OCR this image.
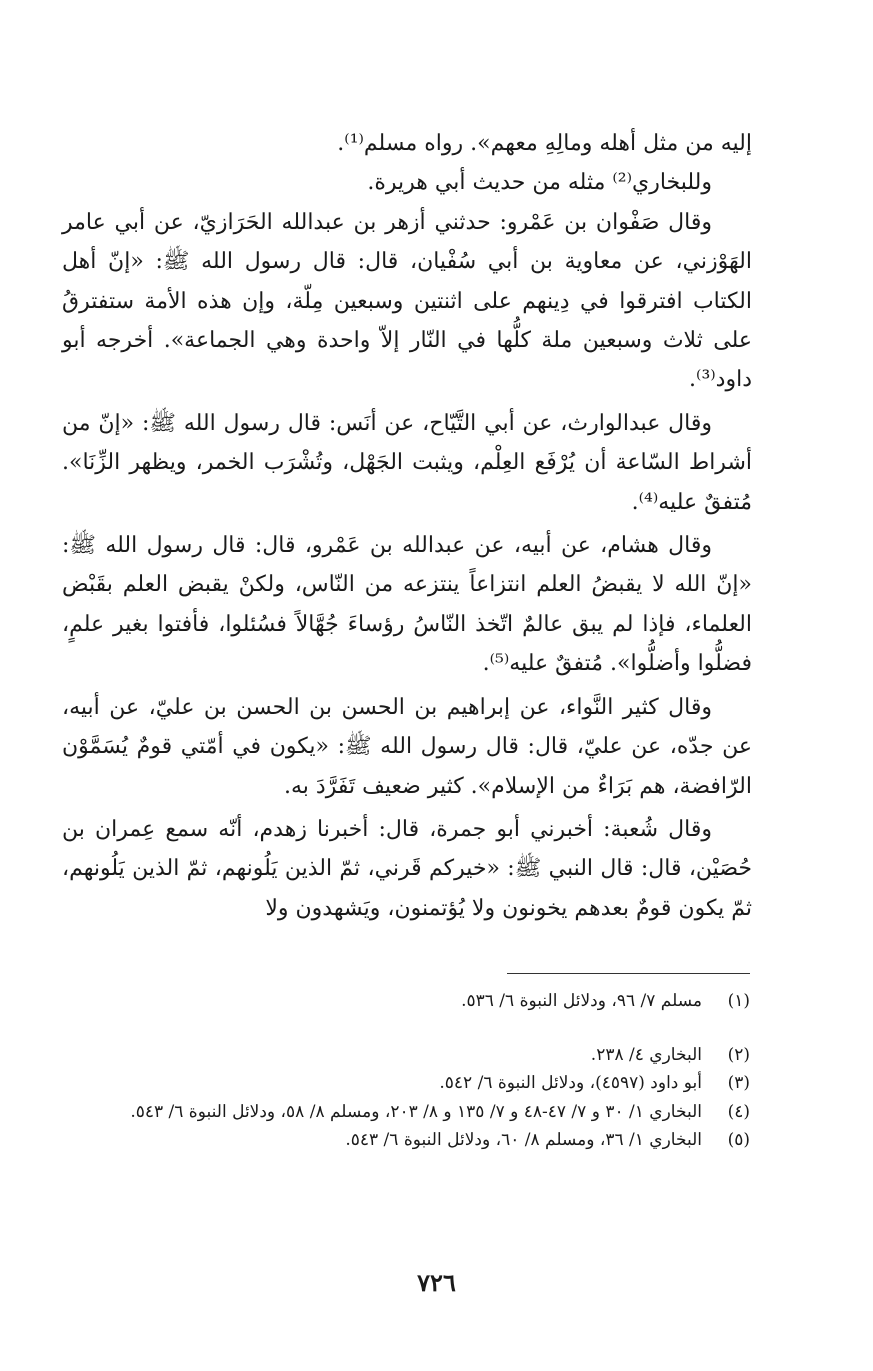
إليه من مثل أهله ومالِهِ معهم». رواه مسلم⁽¹⁾.

وللبخاري⁽²⁾ مثله من حديث أبي هريرة.

وقال صَفْوان بن عَمْرو: حدثني أزهر بن عبدالله الحَرَازيّ، عن أبي عامر الهَوْزني، عن معاوية بن أبي سُفْيان، قال: قال رسول الله ﷺ: «إنّ أهل الكتاب افترقوا في دِينهم على اثنتين وسبعين مِلّة، وإن هذه الأمة ستفترقُ على ثلاث وسبعين ملة كلُّها في النّار إلاّ واحدة وهي الجماعة». أخرجه أبو داود⁽³⁾.

وقال عبدالوارث، عن أبي التَّيّاح، عن أنَس: قال رسول الله ﷺ: «إنّ من أشراط السّاعة أن يُرْفَع العِلْم، ويثبت الجَهْل، وتُشْرَب الخمر، ويظهر الزِّنَا». مُتفقٌ عليه⁽⁴⁾.

وقال هشام، عن أبيه، عن عبدالله بن عَمْرو، قال: قال رسول الله ﷺ: «إنّ الله لا يقبضُ العلم انتزاعاً ينتزعه من النّاس، ولكنْ يقبض العلم بقَبْض العلماء، فإذا لم يبق عالمٌ اتّخذ النّاسُ رؤساءَ جُهَّالاً فسُئلوا، فأفتوا بغير علمٍ، فضلُّوا وأضلُّوا». مُتفقٌ عليه⁽⁵⁾.

وقال كثير النَّواء، عن إبراهيم بن الحسن بن الحسن بن عليّ، عن أبيه، عن جدّه، عن عليّ، قال: قال رسول الله ﷺ: «يكون في أمّتي قومٌ يُسَمَّوْن الرّافضة، هم بَرَاءٌ من الإسلام». كثير ضعيف تَفَرَّدَ به.

وقال شُعبة: أخبرني أبو جمرة، قال: أخبرنا زهدم، أنّه سمع عِمران بن حُصَيْن، قال: قال النبي ﷺ: «خيركم قَرني، ثمّ الذين يَلُونهم، ثمّ الذين يَلُونهم، ثمّ يكون قومٌ بعدهم يخونون ولا يُؤتمنون، ويَشهدون ولا

(١)
مسلم ٧/ ٩٦، ودلائل النبوة ٦/ ٥٣٦.
(٢)
البخاري ٤/ ٢٣٨.
(٣)
أبو داود (٤٥٩٧)، ودلائل النبوة ٦/ ٥٤٢.
(٤)
البخاري ١/ ٣٠ و ٧/ ٤٧-٤٨ و ٧/ ١٣٥ و ٨/ ٢٠٣، ومسلم ٨/ ٥٨، ودلائل النبوة ٦/ ٥٤٣.
(٥)
البخاري ١/ ٣٦، ومسلم ٨/ ٦٠، ودلائل النبوة ٦/ ٥٤٣.
٧٢٦
